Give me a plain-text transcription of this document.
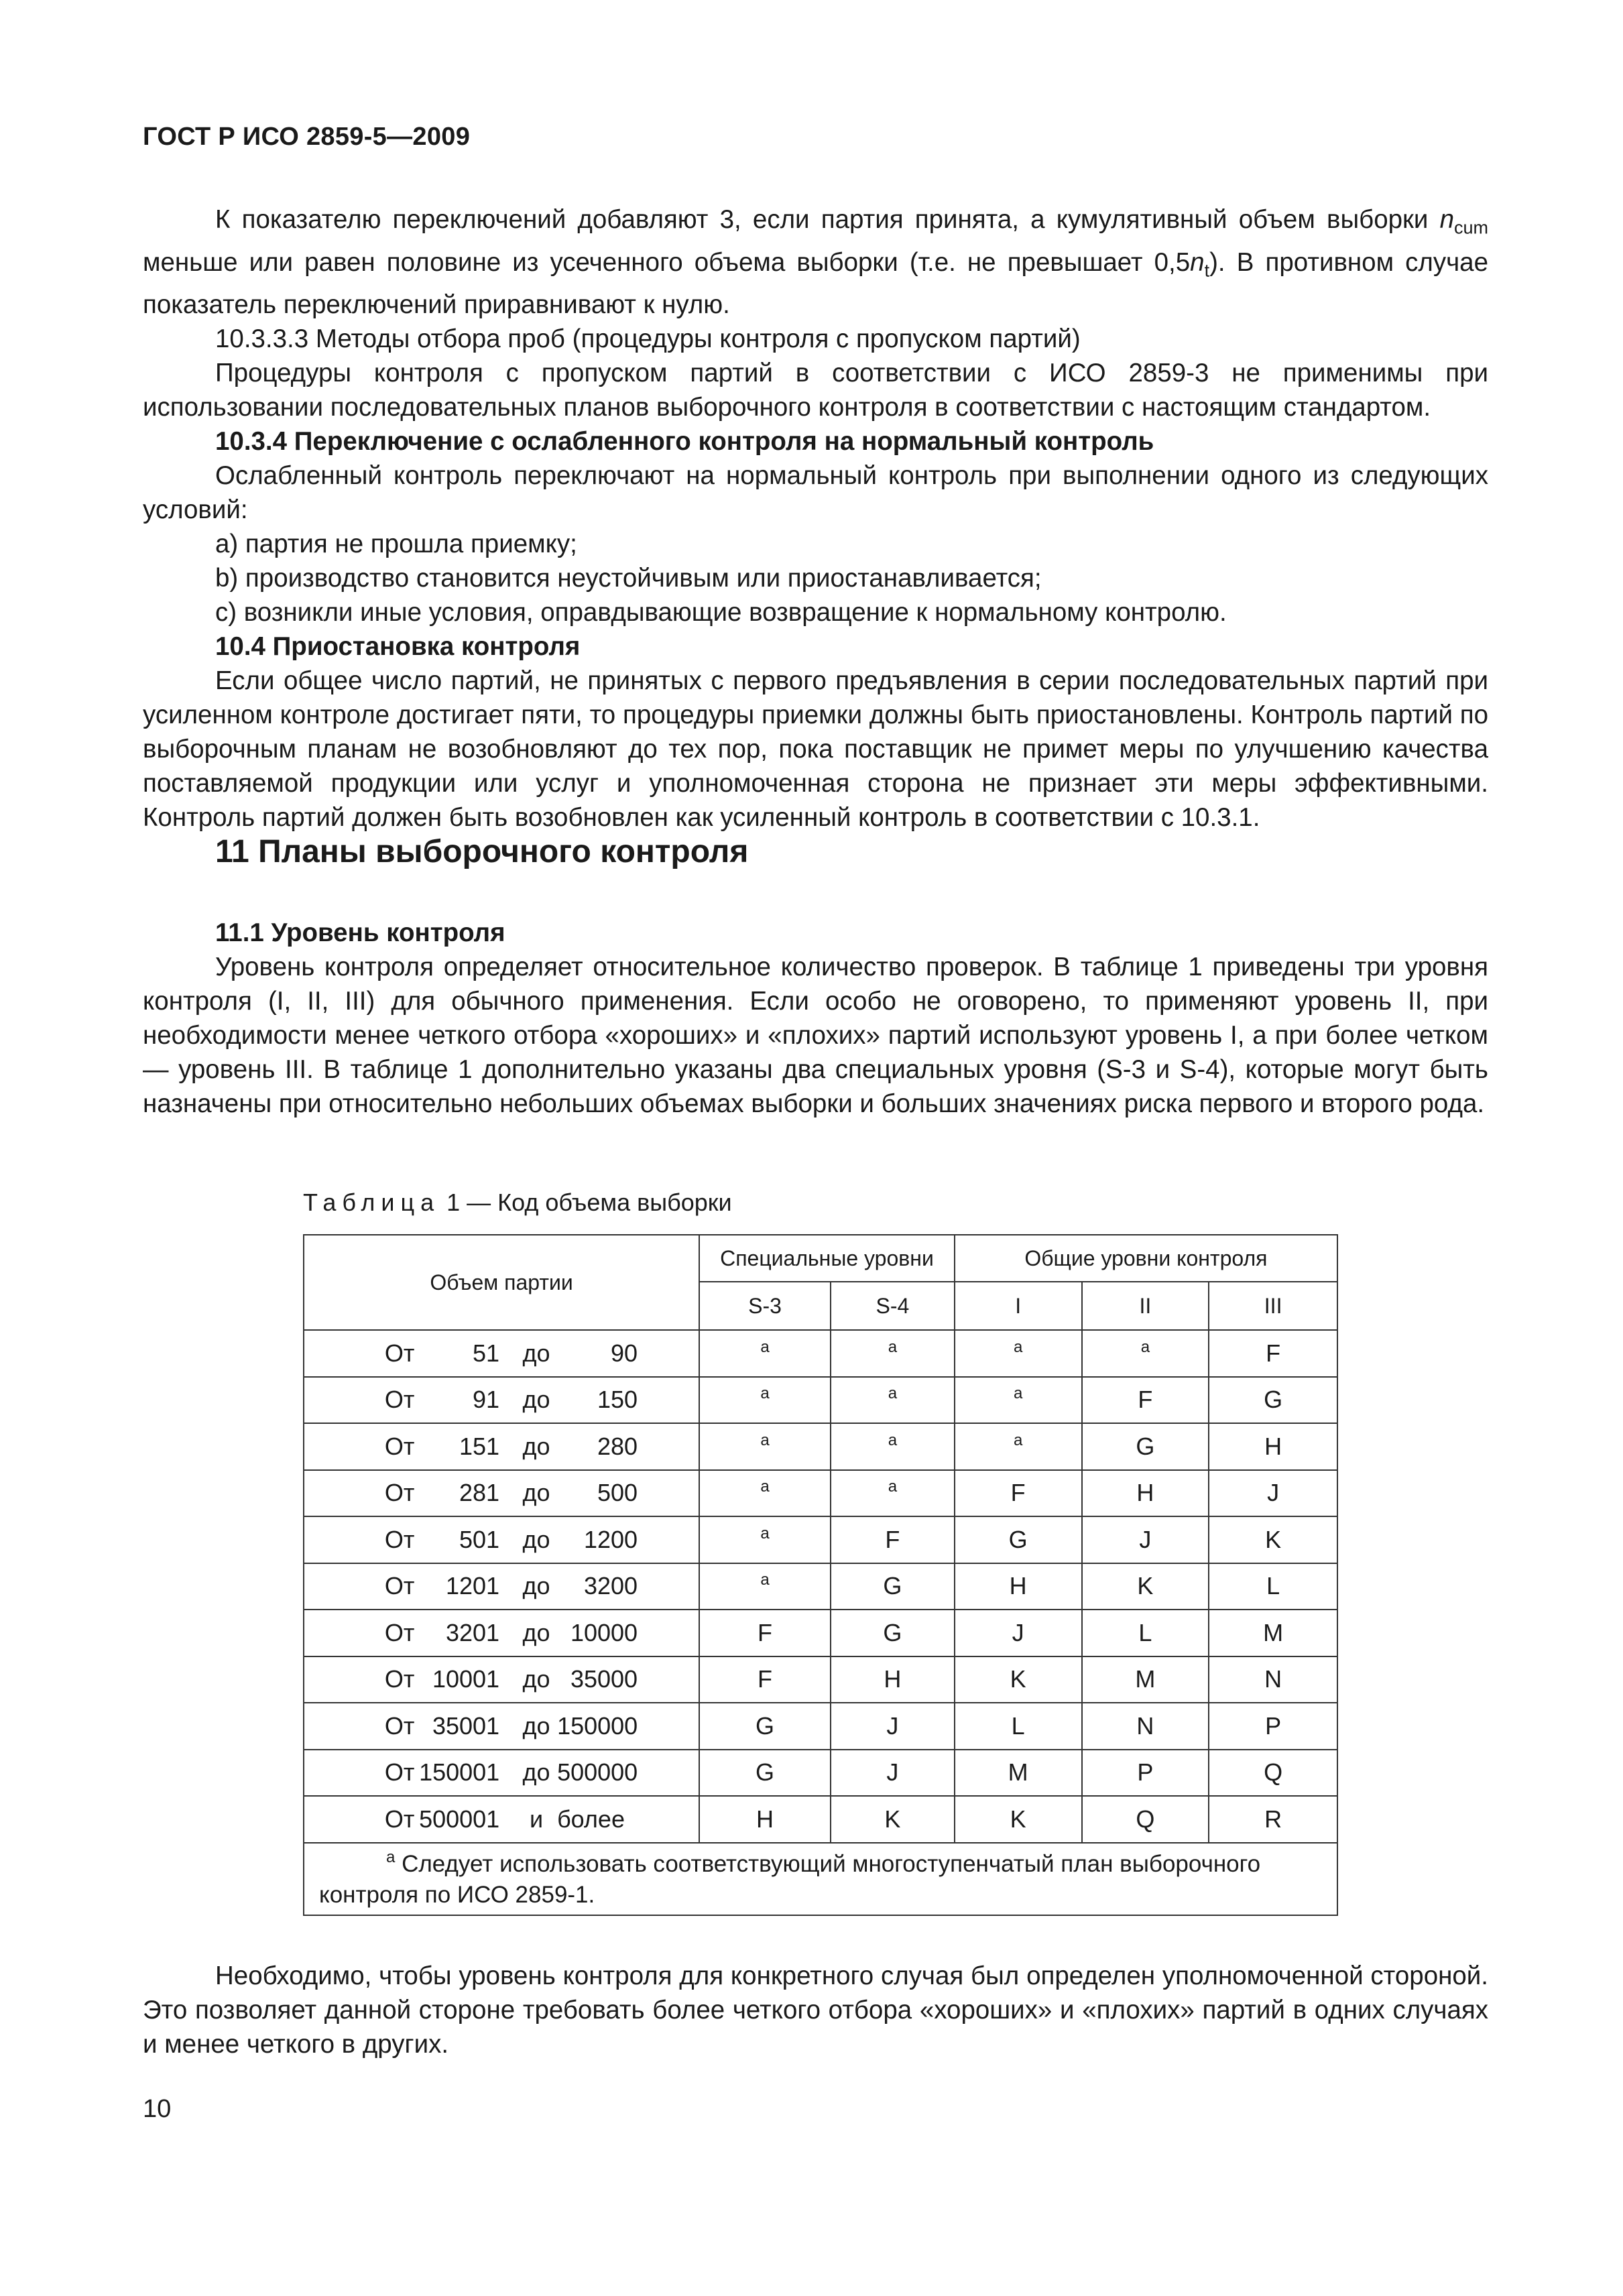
ГОСТ Р ИСО 2859-5—2009

К показателю переключений добавляют 3, если партия принята, а кумулятивный объем выборки $n_{cum}$ меньше или равен половине из усеченного объема выборки (т.е. не превышает $0,5n_t$). В противном случае показатель переключений приравнивают к нулю.

10.3.3.3 Методы отбора проб (процедуры контроля с пропуском партий)

Процедуры контроля с пропуском партий в соответствии с ИСО 2859-3 не применимы при использовании последовательных планов выборочного контроля в соответствии с настоящим стандартом.

10.3.4 Переключение с ослабленного контроля на нормальный контроль

Ослабленный контроль переключают на нормальный контроль при выполнении одного из следующих условий:

a) партия не прошла приемку;

b) производство становится неустойчивым или приостанавливается;

c) возникли иные условия, оправдывающие возвращение к нормальному контролю.

10.4 Приостановка контроля

Если общее число партий, не принятых с первого предъявления в серии последовательных партий при усиленном контроле достигает пяти, то процедуры приемки должны быть приостановлены. Контроль партий по выборочным планам не возобновляют до тех пор, пока поставщик не примет меры по улучшению качества поставляемой продукции или услуг и уполномоченная сторона не признает эти меры эффективными. Контроль партий должен быть возобновлен как усиленный контроль в соответствии с 10.3.1.

11 Планы выборочного контроля

11.1 Уровень контроля

Уровень контроля определяет относительное количество проверок. В таблице 1 приведены три уровня контроля (I, II, III) для обычного применения. Если особо не оговорено, то применяют уровень II, при необходимости менее четкого отбора «хороших» и «плохих» партий используют уровень I, а при более четком — уровень III. В таблице 1 дополнительно указаны два специальных уровня (S-3 и S-4), которые могут быть назначены при относительно небольших объемах выборки и больших значениях риска первого и второго рода.

Таблица 1 — Код объема выборки
Объем партии	Специальные уровни		Общие уровни контроля		
	S-3	S-4	I	II	III
От 51 до 90	$^a$	$^a$	$^a$	$^a$	F
От 91 до 150	$^a$	$^a$	$^a$	F	G
От 151 до 280	$^a$	$^a$	$^a$	G	H
От 281 до 500	$^a$	$^a$	F	H	J
От 501 до 1200	$^a$	F	G	J	K
От 1201 до 3200	$^a$	G	H	K	L
От 3201 до 10000	F	G	J	L	M
От 10001 до 35000	F	H	K	M	N
От 35001 до 150000	G	J	L	N	P
От 150001 до 500000	G	J	M	P	Q
От 500001 и более	H	K	K	Q	R
$^a$ Следует использовать соответствующий многоступенчатый план выборочного контроля по ИСО 2859-1.					

Необходимо, чтобы уровень контроля для конкретного случая был определен уполномоченной стороной. Это позволяет данной стороне требовать более четкого отбора «хороших» и «плохих» партий в одних случаях и менее четкого в других.

10
